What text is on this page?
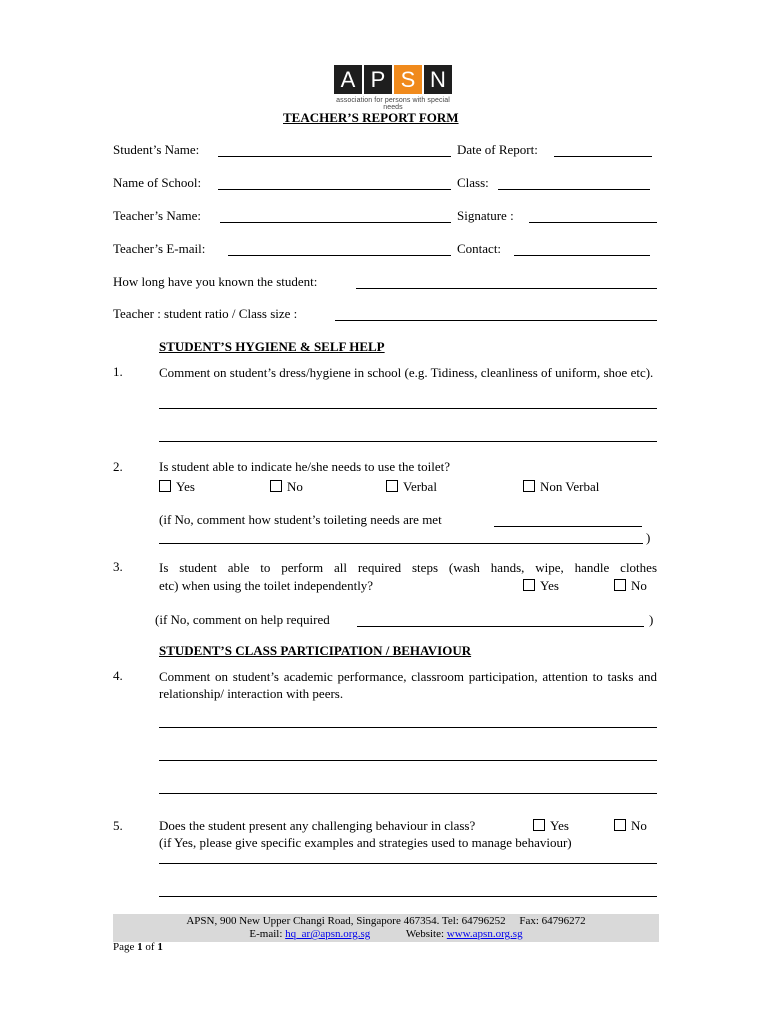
A P S N
association for persons with special needs
TEACHER’S REPORT FORM
Student’s Name:	Date of Report:
Name of School:	Class:
Teacher’s Name:	Signature :
Teacher’s E-mail:	Contact:
How long have you known the student:
Teacher : student ratio / Class size :
STUDENT’S HYGIENE & SELF HELP
1.	Comment on student’s dress/hygiene in school (e.g. Tidiness, cleanliness of uniform, shoe etc).
2.	Is student able to indicate he/she needs to use the toilet?
Yes	No	Verbal	Non Verbal
(if No, comment how student’s toileting needs are met
)
3.	Is student able to perform all required steps (wash hands, wipe, handle clothes
etc) when using the toilet independently?	Yes	No
(if No, comment on help required	)
STUDENT’S CLASS PARTICIPATION / BEHAVIOUR
4.	Comment on student’s academic performance, classroom participation, attention to tasks and relationship/ interaction with peers.
5.	Does the student present any challenging behaviour in class?	Yes	No
(if Yes, please give specific examples and strategies used to manage behaviour)
APSN, 900 New Upper Changi Road, Singapore 467354. Tel: 64796252 Fax: 64796272
E-mail: hq_ar@apsn.org.sg	Website: www.apsn.org.sg
Page 1 of 1
